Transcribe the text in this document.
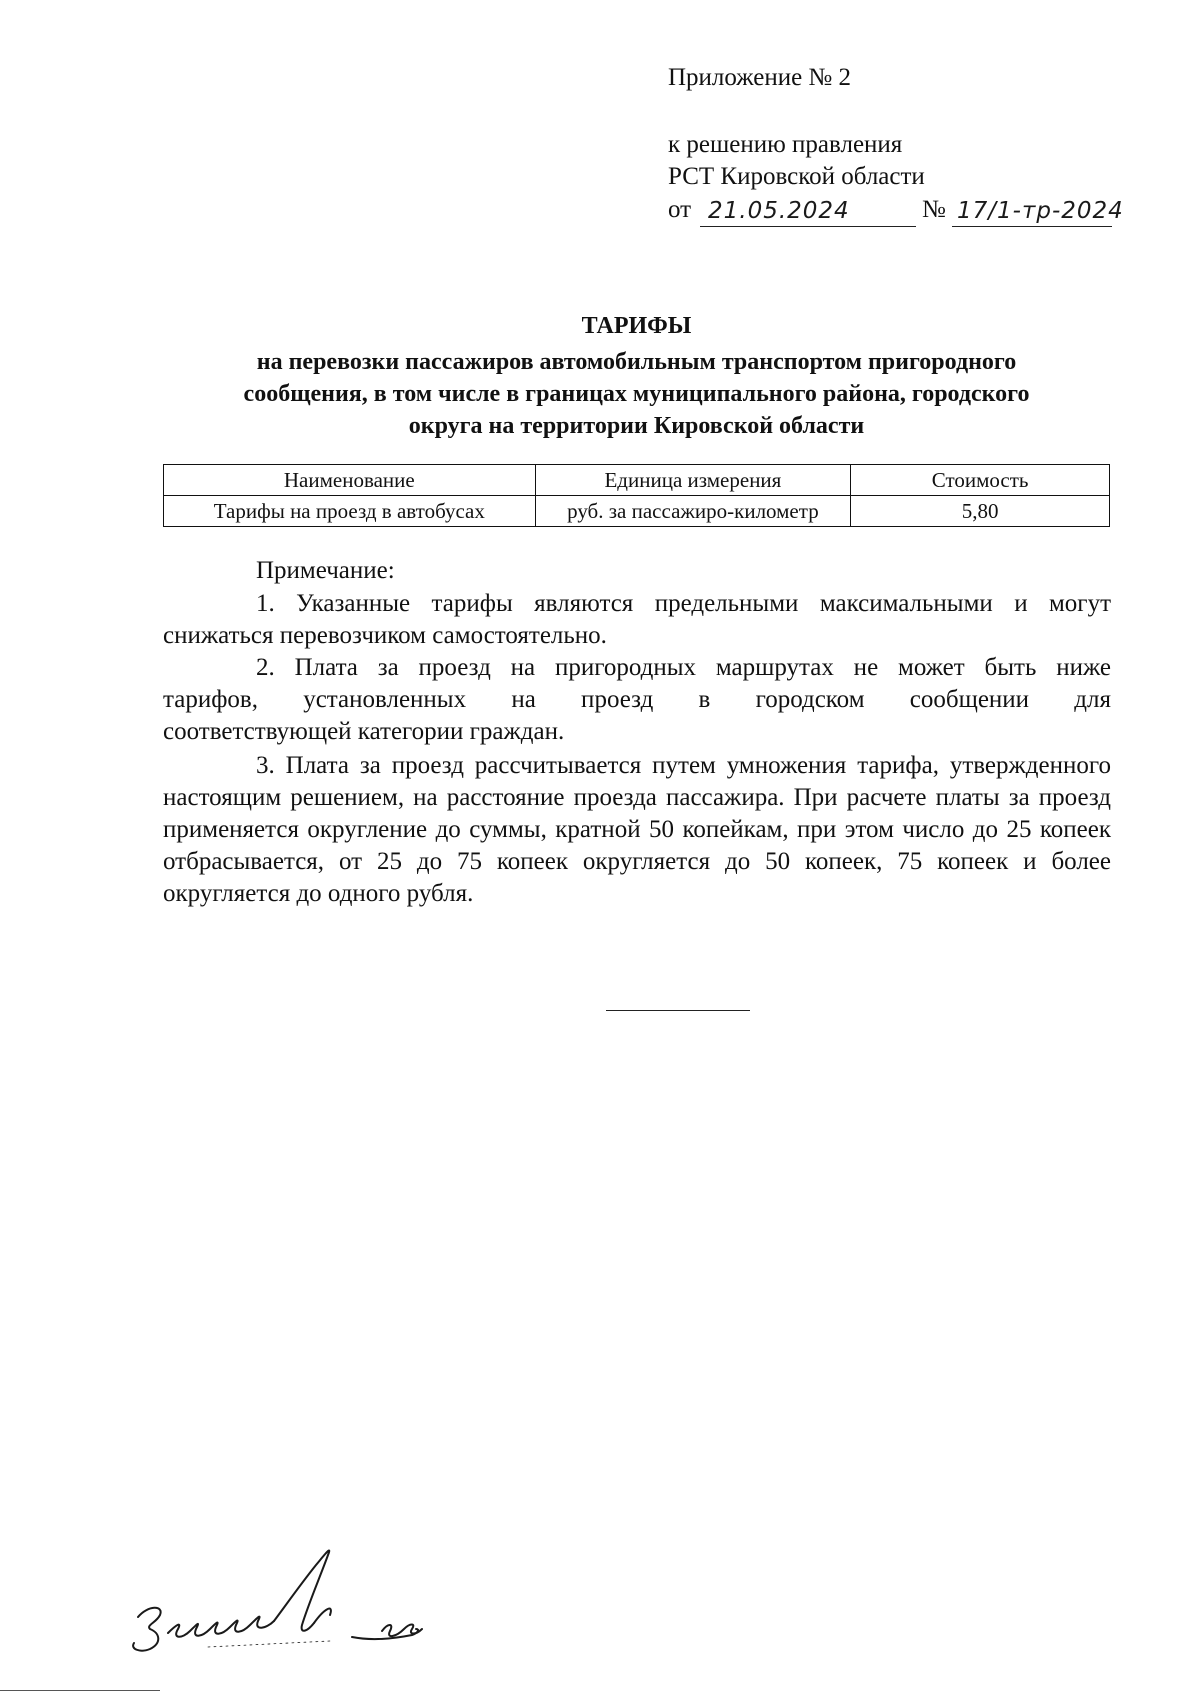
Приложение № 2
к решению правления
РСТ Кировской области
от 21.05.2024	№ 17/1-тр-2024
ТАРИФЫ
на перевозки пассажиров автомобильным транспортом пригородного
сообщения, в том числе в границах муниципального района, городского
округа на территории Кировской области
Наименование	Единица измерения	Стоимость
Тарифы на проезд в автобусах	руб. за пассажиро-километр	5,80
Примечание:
1. Указанные тарифы являются предельными максимальными и могут снижаться перевозчиком самостоятельно.
2. Плата за проезд на пригородных маршрутах не может быть ниже
тарифов, установленных на проезд в городском сообщении для
соответствующей категории граждан.
3. Плата за проезд рассчитывается путем умножения тарифа, утвержденного настоящим решением, на расстояние проезда пассажира. При расчете платы за проезд применяется округление до суммы, кратной 50 копейкам, при этом число до 25 копеек отбрасывается, от 25 до 75 копеек округляется до 50 копеек, 75 копеек и более округляется до одного рубля.
